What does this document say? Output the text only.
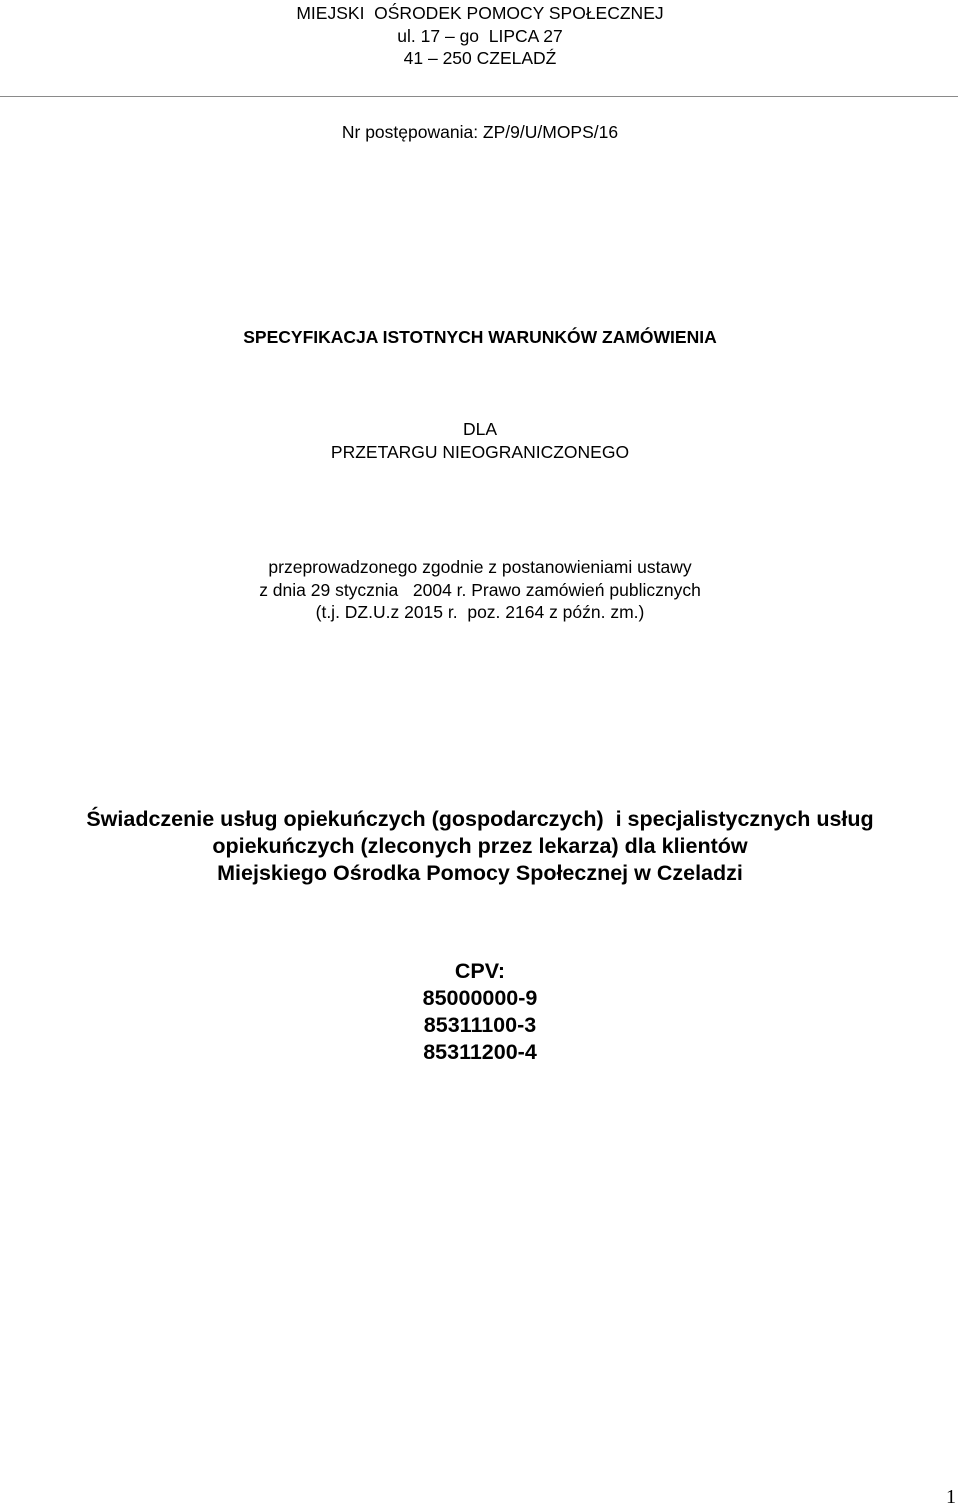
MIEJSKI  OŚRODEK POMOCY SPOŁECZNEJ
ul. 17 – go  LIPCA 27
41 – 250 CZELADŹ
Nr postępowania: ZP/9/U/MOPS/16
SPECYFIKACJA ISTOTNYCH WARUNKÓW ZAMÓWIENIA
DLA
PRZETARGU NIEOGRANICZONEGO
przeprowadzonego zgodnie z postanowieniami ustawy
z dnia 29 stycznia   2004 r. Prawo zamówień publicznych
(t.j. DZ.U.z 2015 r.  poz. 2164 z późn. zm.)
Świadczenie usług opiekuńczych (gospodarczych)  i specjalistycznych usług
opiekuńczych (zleconych przez lekarza) dla klientów
Miejskiego Ośrodka Pomocy Społecznej w Czeladzi
CPV:
85000000-9
85311100-3
85311200-4
1
